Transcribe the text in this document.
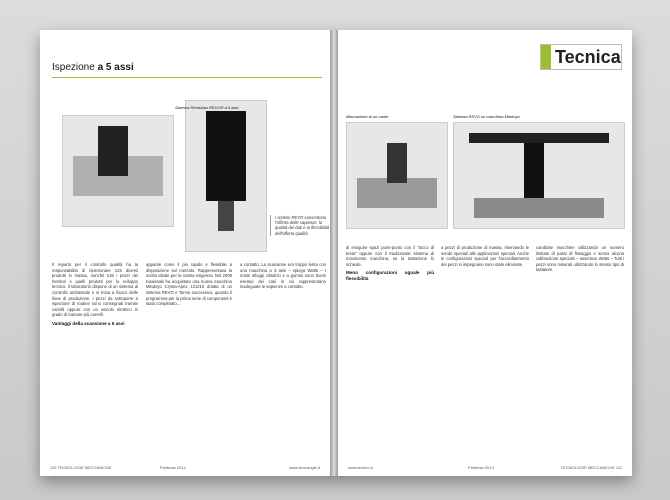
Ispezione a 5 assi
Sistema Renishaw REVO® a 5 assi
I sistemi REVO consentono l'offerta delle sapienze, la qualità dei dati e la flessibilità dell'offerta qualità
Il reparto per il controllo qualità ha la responsabilità di ispezionare 125 diversi prodotti in massa, nonché tutti i pezzi dei fornitori e quelli prodotti per lo sviluppo tecnico. Il laboratorio dispone di un sistema di controllo ambientale e si trova a fianco delle linee di produzione. I pezzi da sottoporre a ispezione di routine sono consegnati tramite carrelli oppure con un veicolo elettrico in grado di trainare più carrelli.
Vantaggi della scansione a 5 assi
apparire come il più rapido e flessibile a disposizione sul mercato. Rappresentava la scelta ideale per la nostra esigenza. Nel 2009 Kawasaki ha acquistato una nuova macchina Mitutoyo Crysta-Apex 121210 dotata di un sistema REVO e Tanno successivo, quando il programma per la prima serie di componenti è stato completato...
a contatto. La scansione era troppo lenta con una macchina a 3 assi – spiega Watts – I nostri alloggi cilindrici e a gomito sono buoni esempi dei casi in cui rappresentano inadeguate le sapienze a contatto.
110 TECNOLOGIE MECCANICHE	Febbraio 2014	www.tecnologie.it
Tecnica
Misurazione di un carter	Sistema REVO su macchina Mitutoyo
di eseguire spazi punti-punto con il "tocco di testa" oppure con il tradizionale sistema di movimento macchina, se la tastazione lo richiede.
Meno configurazioni uguale più flessibilità
a pezzi di produzione di massa, riservando le sonde speciali alle applicazioni speciali. Anche le configurazioni speciali per l'accreditamento dei pezzi si impegnano sono state eliminate.
cambiate macchine utilizzando un numero limitato di passi di fissaggio e senza alcuna calibrazione speciale – asserisce Watts – Tutti i pezzi sono misurati utilizzando lo stesso tipo di tastatore.
www.techno.it	Febbraio 2014	TECNOLOGIE MECCANICHE 111
